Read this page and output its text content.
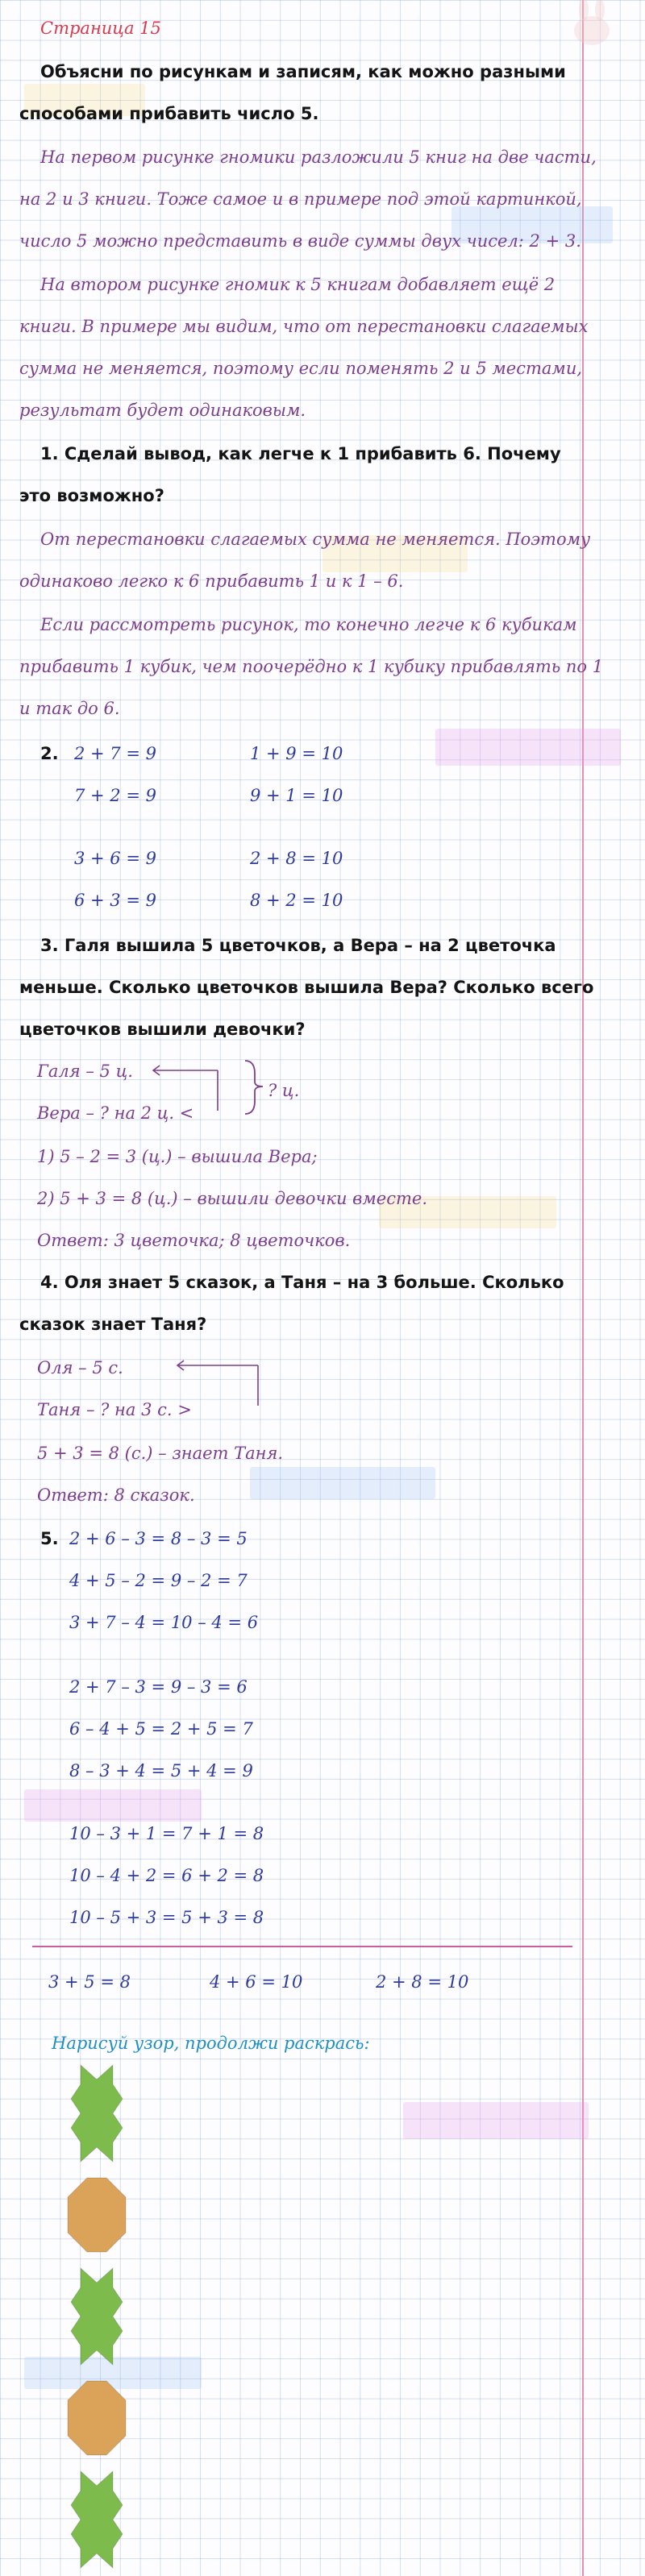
Страница 15
Объясни по рисункам и записям, как можно разными
способами прибавить число 5.
На первом рисунке гномики разложили 5 книг на две части,
на 2 и 3 книги. Тоже самое и в примере под этой картинкой,
число 5 можно представить в виде суммы двух чисел: 2 + 3.
На втором рисунке гномик к 5 книгам добавляет ещё 2
книги. В примере мы видим, что от перестановки слагаемых
сумма не меняется, поэтому если поменять 2 и 5 местами,
результат будет одинаковым.
1. Сделай вывод, как легче к 1 прибавить 6. Почему
это возможно?
От перестановки слагаемых сумма не меняется. Поэтому
одинаково легко к 6 прибавить 1 и к 1 – 6.
Если рассмотреть рисунок, то конечно легче к 6 кубикам
прибавить 1 кубик, чем поочерёдно к 1 кубику прибавлять по 1
и так до 6.
2. 2 + 7 = 9
7 + 2 = 9
3 + 6 = 9
6 + 3 = 9
1 + 9 = 10
9 + 1 = 10
2 + 8 = 10
8 + 2 = 10
3. Галя вышила 5 цветочков, а Вера – на 2 цветочка
меньше. Сколько цветочков вышила Вера? Сколько всего
цветочков вышили девочки?
Галя – 5 ц.
Вера – ? на 2 ц. <
? ц.
1) 5 – 2 = 3 (ц.) – вышила Вера;
2) 5 + 3 = 8 (ц.) – вышили девочки вместе.
Ответ: 3 цветочка; 8 цветочков.
4. Оля знает 5 сказок, а Таня – на 3 больше. Сколько
сказок знает Таня?
Оля – 5 с.
Таня – ? на 3 с. >
5 + 3 = 8 (с.) – знает Таня.
Ответ: 8 сказок.
5. 2 + 6 – 3 = 8 – 3 = 5
4 + 5 – 2 = 9 – 2 = 7
3 + 7 – 4 = 10 – 4 = 6
2 + 7 – 3 = 9 – 3 = 6
6 – 4 + 5 = 2 + 5 = 7
8 – 3 + 4 = 5 + 4 = 9
10 – 3 + 1 = 7 + 1 = 8
10 – 4 + 2 = 6 + 2 = 8
10 – 5 + 3 = 5 + 3 = 8
3 + 5 = 8	4 + 6 = 10	2 + 8 = 10
Нарисуй узор, продолжи раскрась:
